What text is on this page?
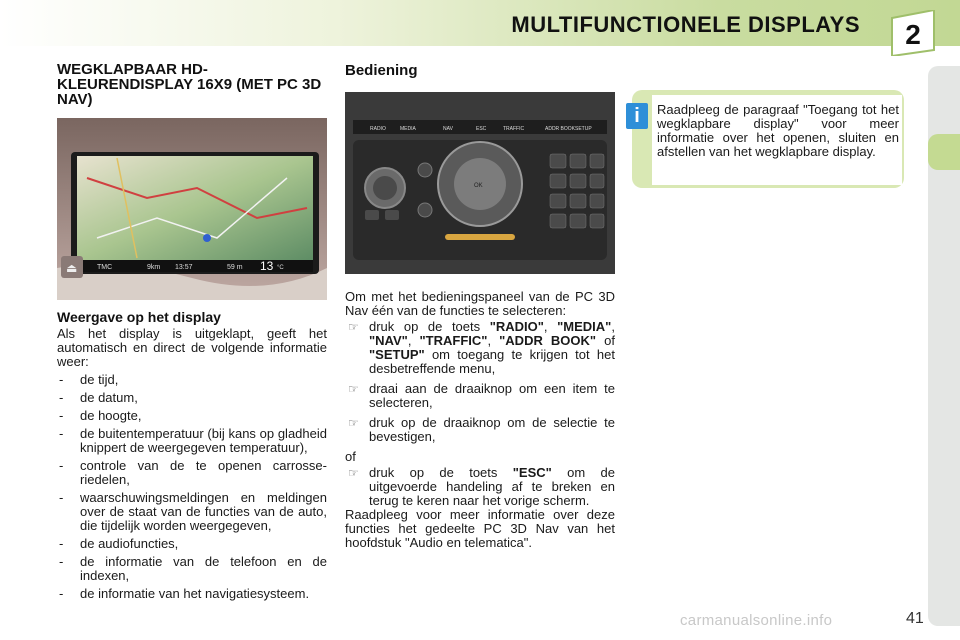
MULTIFUNCTIONELE DISPLAYS 2
WEGKLAPBAAR HD-KLEURENDISPLAY 16X9 (MET PC 3D NAV)
TMC	9km 13:57	59 m 13 °C
⏏
Weergave op het display

Als het display is uitgeklapt, geeft het automatisch en direct de volgende informatie weer:

- de tijd,
- de datum,
- de hoogte,
- de buitentemperatuur (bij kans op gladheid knippert de weergegeven temperatuur),
- controle van de te openen carrosse-riedelen,
- waarschuwingsmeldingen en meldingen over de staat van de functies van de auto, die tijdelijk worden weergegeven,
- de audiofuncties,
- de informatie van de telefoon en de indexen,
- de informatie van het navigatiesysteem.
Bediening
RADIO	MEDIA	NAV	ESC	TRAFFIC	ADDR BOOK SETUP
OK

Om met het bedieningspaneel van de PC 3D Nav één van de functies te selecteren:

☞ druk op de toets "RADIO", "MEDIA", "NAV", "TRAFFIC", "ADDR BOOK" of "SETUP" om toegang te krijgen tot het desbetreffende menu,
☞ draai aan de draaiknop om een item te selecteren,
☞ druk op de draaiknop om de selectie te bevestigen,

of

☞ druk op de toets "ESC" om de uitgevoerde handeling af te breken en terug te keren naar het vorige scherm.

Raadpleeg voor meer informatie over deze functies het gedeelte PC 3D Nav van het hoofdstuk "Audio en telematica".

i	Raadpleeg de paragraaf "Toegang tot het wegklapbare display" voor meer informatie over het openen, sluiten en afstellen van het wegklapbare display.
carmanualsonline.info	41
